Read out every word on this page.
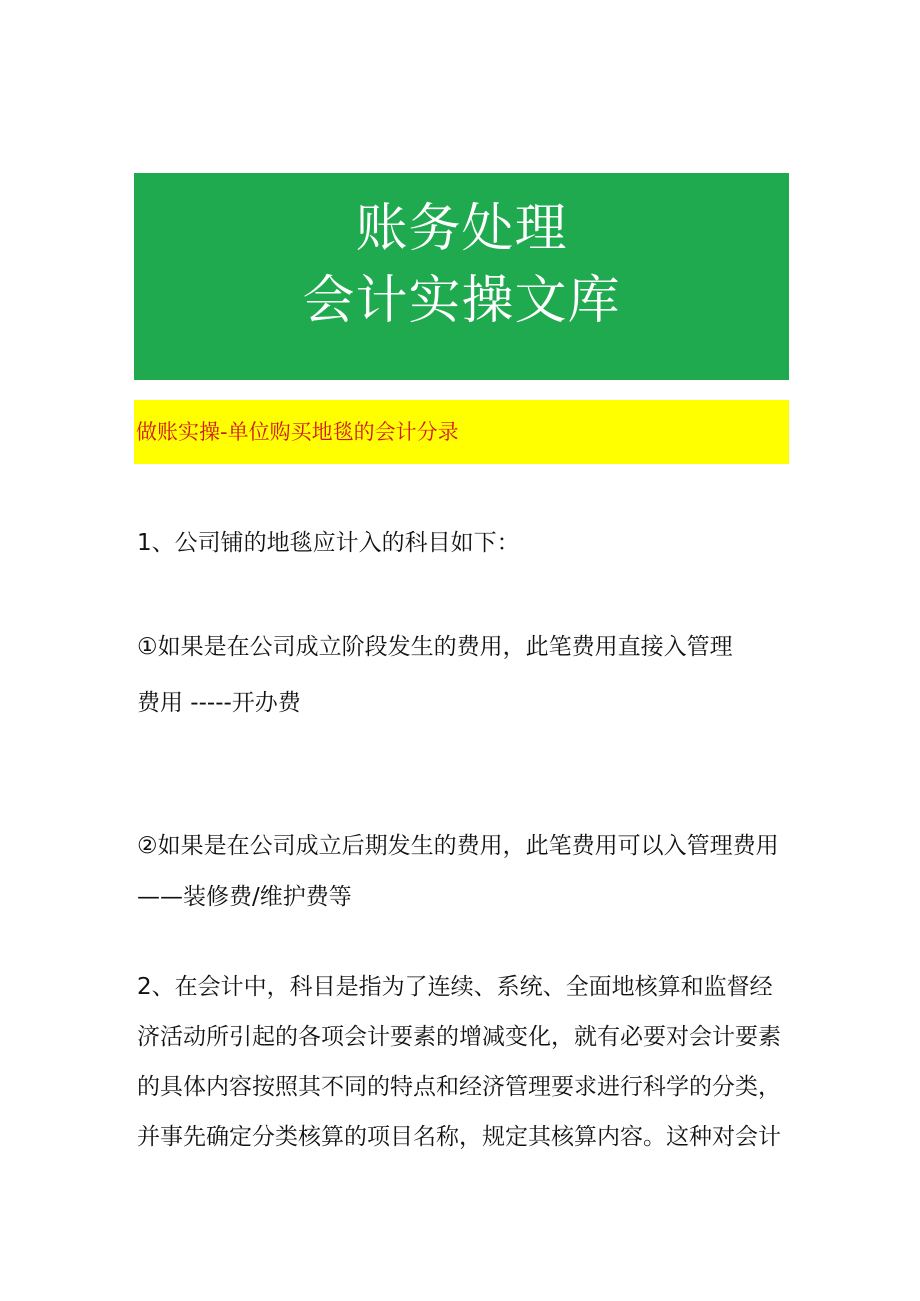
账务处理
会计实操文库
做账实操-单位购买地毯的会计分录
1、公司铺的地毯应计入的科目如下：
①如果是在公司成立阶段发生的费用，此笔费用直接入管理
费用 -----开办费
②如果是在公司成立后期发生的费用，此笔费用可以入管理费用
——装修费/维护费等
2、在会计中，科目是指为了连续、系统、全面地核算和监督经
济活动所引起的各项会计要素的增减变化，就有必要对会计要素
的具体内容按照其不同的特点和经济管理要求进行科学的分类，
并事先确定分类核算的项目名称，规定其核算内容。这种对会计
